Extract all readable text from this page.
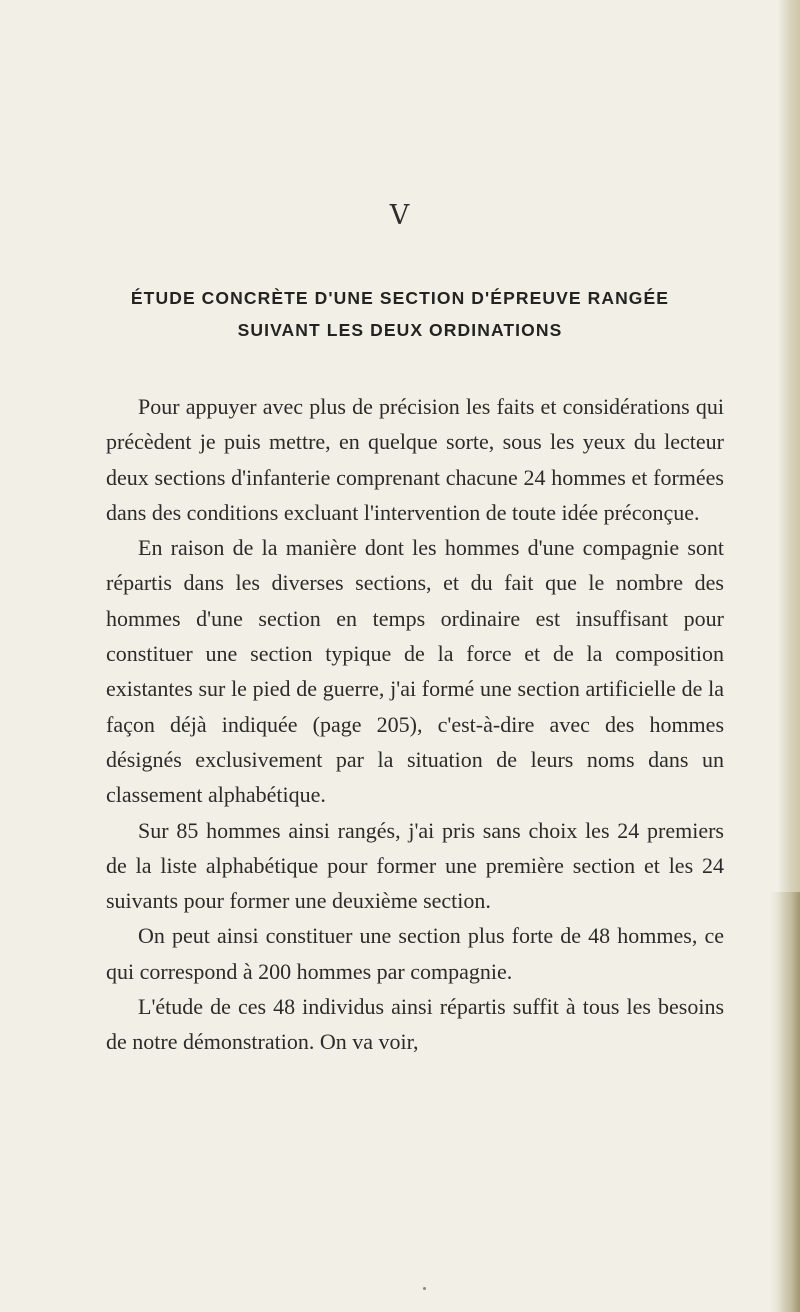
V
ÉTUDE CONCRÈTE D'UNE SECTION D'ÉPREUVE RANGÉE
SUIVANT LES DEUX ORDINATIONS

Pour appuyer avec plus de précision les faits et considérations qui précèdent je puis mettre, en quelque sorte, sous les yeux du lecteur deux sections d'infanterie comprenant chacune 24 hommes et formées dans des conditions excluant l'intervention de toute idée préconçue.

En raison de la manière dont les hommes d'une compagnie sont répartis dans les diverses sections, et du fait que le nombre des hommes d'une section en temps ordinaire est insuffisant pour constituer une section typique de la force et de la composition existantes sur le pied de guerre, j'ai formé une section artificielle de la façon déjà indiquée (page 205), c'est-à-dire avec des hommes désignés exclusivement par la situation de leurs noms dans un classement alphabétique.

Sur 85 hommes ainsi rangés, j'ai pris sans choix les 24 premiers de la liste alphabétique pour former une première section et les 24 suivants pour former une deuxième section.

On peut ainsi constituer une section plus forte de 48 hommes, ce qui correspond à 200 hommes par compagnie.

L'étude de ces 48 individus ainsi répartis suffit à tous les besoins de notre démonstration. On va voir,
